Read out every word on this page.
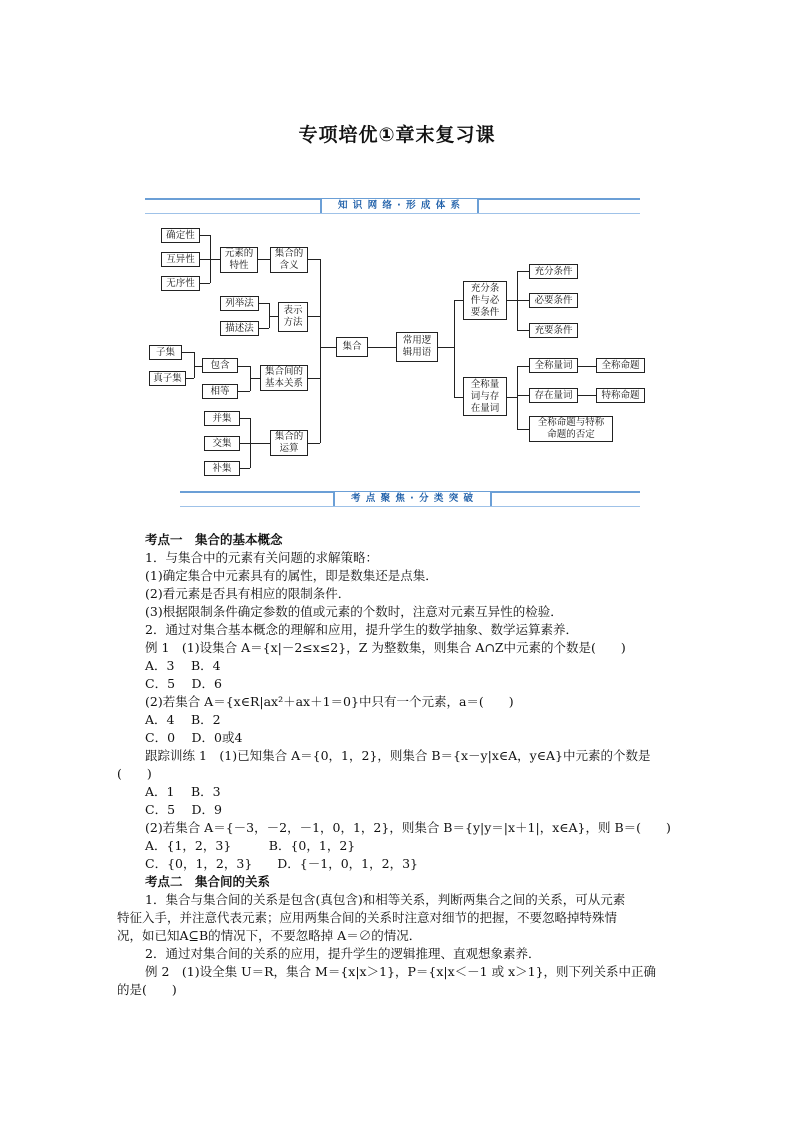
专项培优①章末复习课
知 识 网 络 · 形 成 体 系
确定性
互异性
无序性
元素的
特性
集合的
含义
列举法
描述法
表示
方法
子集
真子集
包含
相等
集合间的
基本关系
并集
交集
补集
集合的
运算
集合
常用逻
辑用语
充分条
件与必
要条件
全称量
词与存
在量词
充分条件
必要条件
充要条件
全称量词
存在量词
全称命题与特称
命题的否定
全称命题
特称命题
考 点 聚 焦 · 分 类 突 破
考点一　集合的基本概念
1．与集合中的元素有关问题的求解策略：
(1)确定集合中元素具有的属性，即是数集还是点集．
(2)看元素是否具有相应的限制条件．
(3)根据限制条件确定参数的值或元素的个数时，注意对元素互异性的检验．
2．通过对集合基本概念的理解和应用，提升学生的数学抽象、数学运算素养．
例 1　(1)设集合 A＝{x|－2≤x≤2}，Z 为整数集，则集合 A∩Z中元素的个数是(　　)
A．3　 B．4
C．5　 D．6
(2)若集合 A＝{x∈R|ax²＋ax＋1＝0}中只有一个元素，a＝(　　)
A．4　 B．2
C．0　 D．0或4
跟踪训练 1　(1)已知集合 A＝{0，1，2}，则集合 B＝{x－y|x∈A，y∈A}中元素的个数是
(　　)
A．1　 B．3
C．5　 D．9
(2)若集合 A＝{－3，－2，－1，0，1，2}，则集合 B＝{y|y＝|x＋1|，x∈A}，则 B＝(　　)
A．{1，2，3}　　　B．{0，1，2}
C．{0，1，2，3}　　D．{－1，0，1，2，3}
考点二　集合间的关系
1．集合与集合间的关系是包含(真包含)和相等关系，判断两集合之间的关系，可从元素
特征入手，并注意代表元素；应用两集合间的关系时注意对细节的把握，不要忽略掉特殊情
况，如已知A⊆B的情况下，不要忽略掉 A＝∅的情况．
2．通过对集合间的关系的应用，提升学生的逻辑推理、直观想象素养．
例 2　(1)设全集 U＝R，集合 M＝{x|x＞1}，P＝{x|x＜－1 或 x＞1}，则下列关系中正确
的是(　　)
